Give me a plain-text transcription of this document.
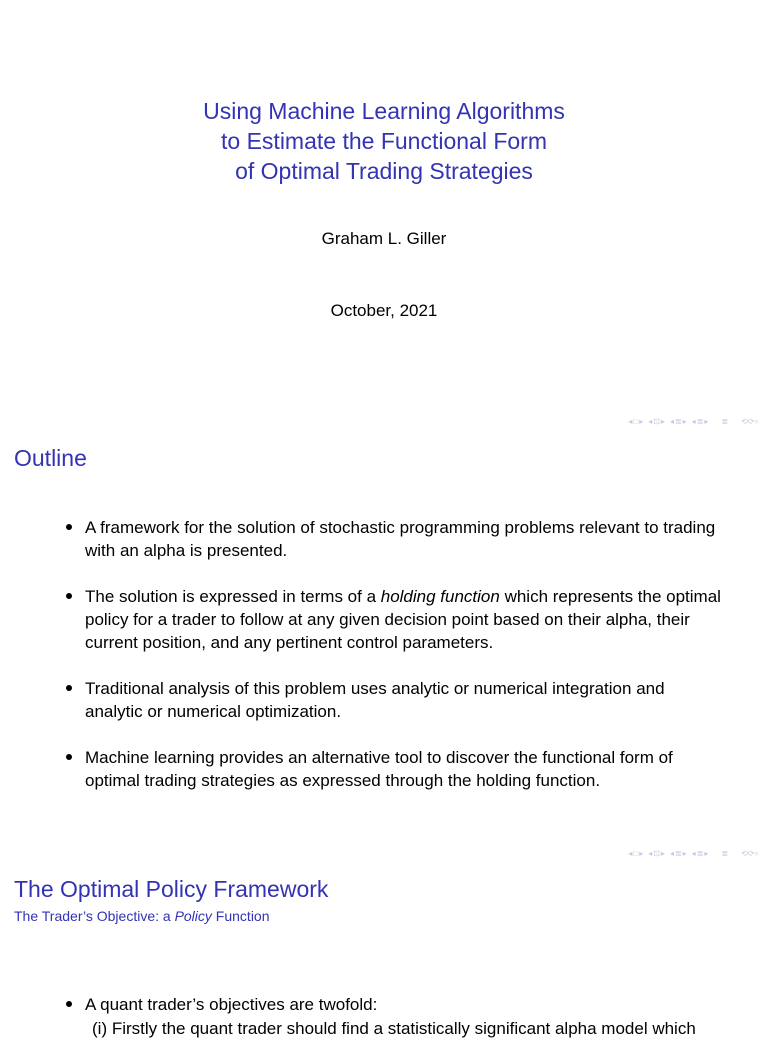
Using Machine Learning Algorithms
to Estimate the Functional Form
of Optimal Trading Strategies
Graham L. Giller
October, 2021
◂ □ ▸ ◂ ⊡ ▸ ◂ ≣ ▸ ◂ ≣ ▸ ≣ ⟲⟳⌕
Outline
A framework for the solution of stochastic programming problems relevant to trading with an alpha is presented.
The solution is expressed in terms of a holding function which represents the optimal policy for a trader to follow at any given decision point based on their alpha, their current position, and any pertinent control parameters.
Traditional analysis of this problem uses analytic or numerical integration and analytic or numerical optimization.
Machine learning provides an alternative tool to discover the functional form of optimal trading strategies as expressed through the holding function.
◂ □ ▸ ◂ ⊡ ▸ ◂ ≣ ▸ ◂ ≣ ▸ ≣ ⟲⟳⌕
The Optimal Policy Framework
The Trader’s Objective: a Policy Function
A quant trader’s objectives are twofold:
(i) Firstly the quant trader should find a statistically significant alpha model which
